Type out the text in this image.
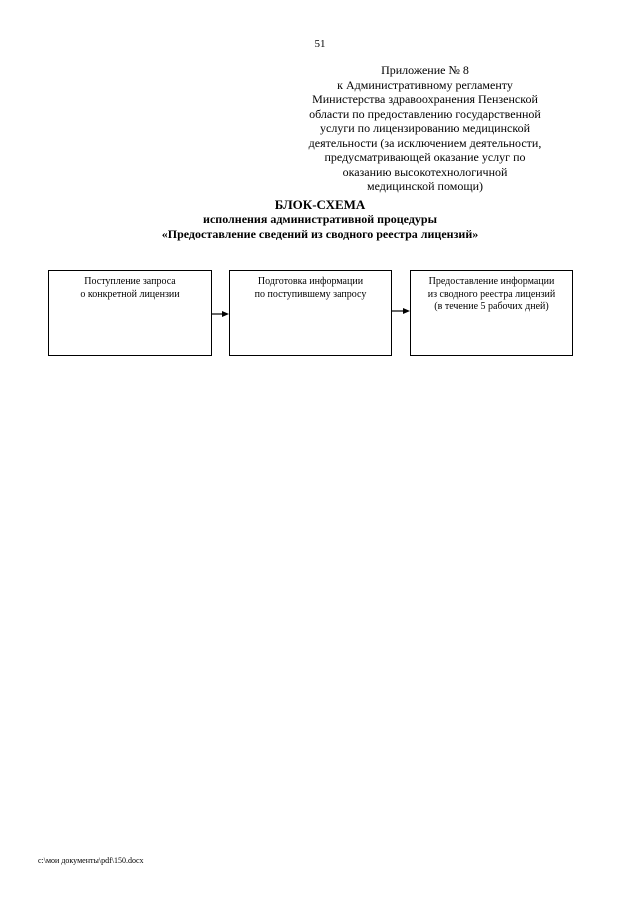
51
Приложение № 8
к Административному регламенту
Министерства здравоохранения Пензенской
области по предоставлению государственной
услуги по лицензированию медицинской
деятельности (за исключением деятельности,
предусматривающей оказание услуг по
оказанию высокотехнологичной
медицинской помощи)
БЛОК-СХЕМА
исполнения административной процедуры
«Предоставление сведений из сводного реестра лицензий»
Поступление запроса
о конкретной лицензии
Подготовка информации
по поступившему запросу
Предоставление информации
из сводного реестра лицензий
(в течение 5 рабочих дней)
c:\мои документы\pdf\150.docx
